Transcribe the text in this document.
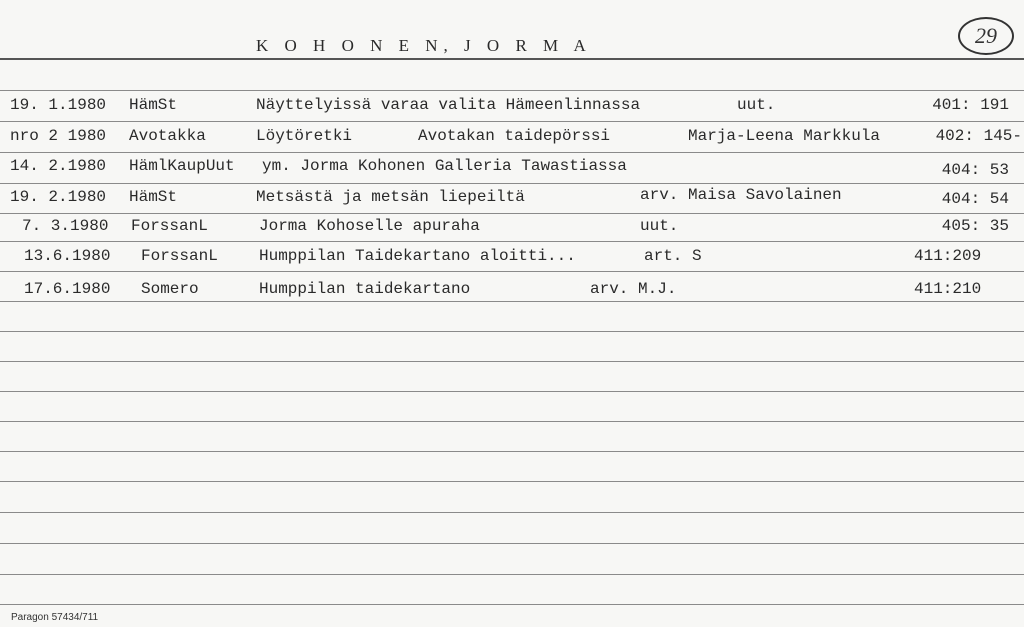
K O H O N E N, J O R M A	29
19. 1.1980 HämSt	Näyttelyissä varaa valita Hämeenlinnassa	uut.	401: 191
nro 2 1980 Avotakka	Löytöretki	Avotakan taidepörssi	Marja-Leena Markkula	402: 145-
14. 2.1980 HämlKaupUut ym. Jorma Kohonen Galleria Tawastiassa	404: 53
19. 2.1980 HämSt	Metsästä ja metsän liepeiltä	arv. Maisa Savolainen	404: 54
7. 3.1980 ForssanL	Jorma Kohoselle apuraha	uut.	405: 35
13.6.1980 ForssanL	Humppilan Taidekartano aloitti...	art. S	411:209
17.6.1980 Somero	Humppilan taidekartano	arv. M.J.	411:210
Paragon 57434/711
